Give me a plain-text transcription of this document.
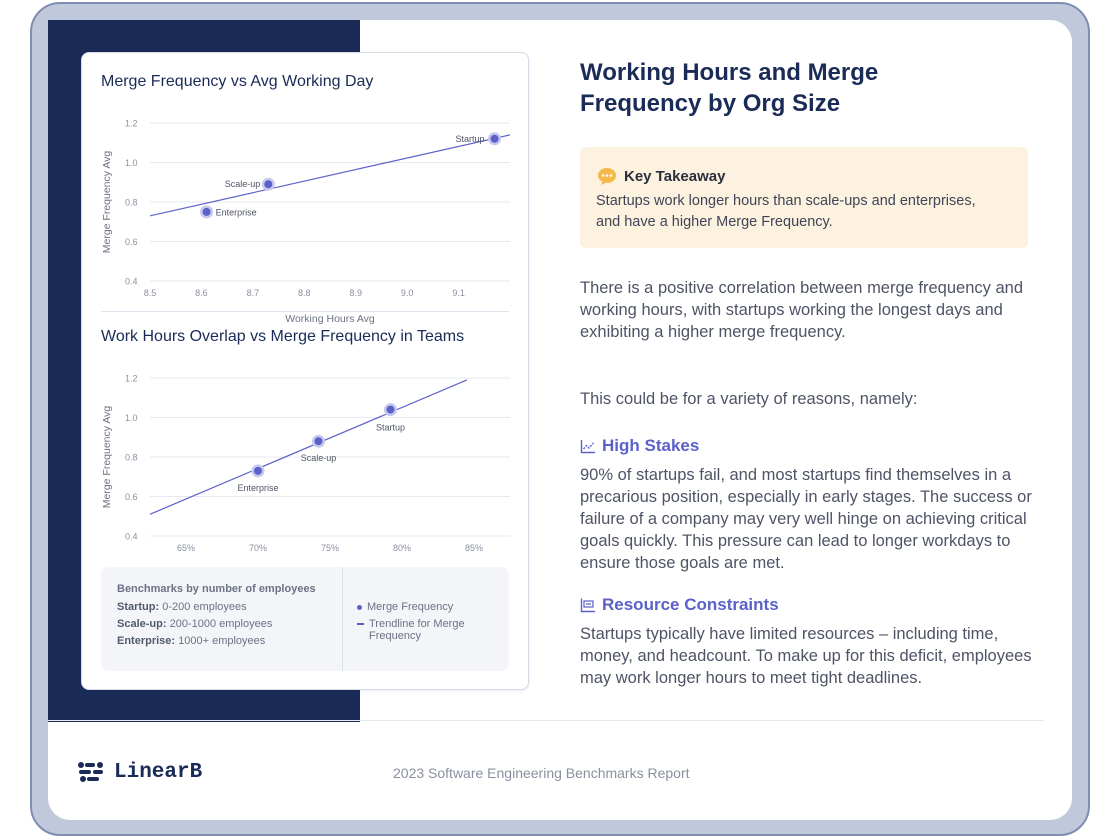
Merge Frequency vs Avg Working Day
0.4
0.6
0.8
1.0
1.2
8.5	8.6	8.7	8.8	8.9	9.0	9.1
Working Hours Avg
Merge Frequency Avg	Enterprise
Scale-up
Startup
Work Hours Overlap vs Merge Frequency in Teams
0.4
0.6
0.8
1.0
1.2
65%	70%	75%	80%	85%
Merge Frequency Avg	Enterprise
Scale-up
Startup
Benchmarks by number of employees
Startup: 0-200 employees
Scale-up: 200-1000 employees
Enterprise: 1000+ employees
Merge Frequency
Trendline for Merge Frequency
Working Hours and Merge Frequency by Org Size
Key Takeaway
Startups work longer hours than scale-ups and enterprises, and have a higher Merge Frequency.
There is a positive correlation between merge frequency and working hours, with startups working the longest days and exhibiting a higher merge frequency.
This could be for a variety of reasons, namely:
High Stakes
90% of startups fail, and most startups find themselves in a precarious position, especially in early stages. The success or failure of a company may very well hinge on achieving critical goals quickly. This pressure can lead to longer workdays to ensure those goals are met.
Resource Constraints
Startups typically have limited resources – including time, money, and headcount. To make up for this deficit, employees may work longer hours to meet tight deadlines.
LinearB	2023 Software Engineering Benchmarks Report
